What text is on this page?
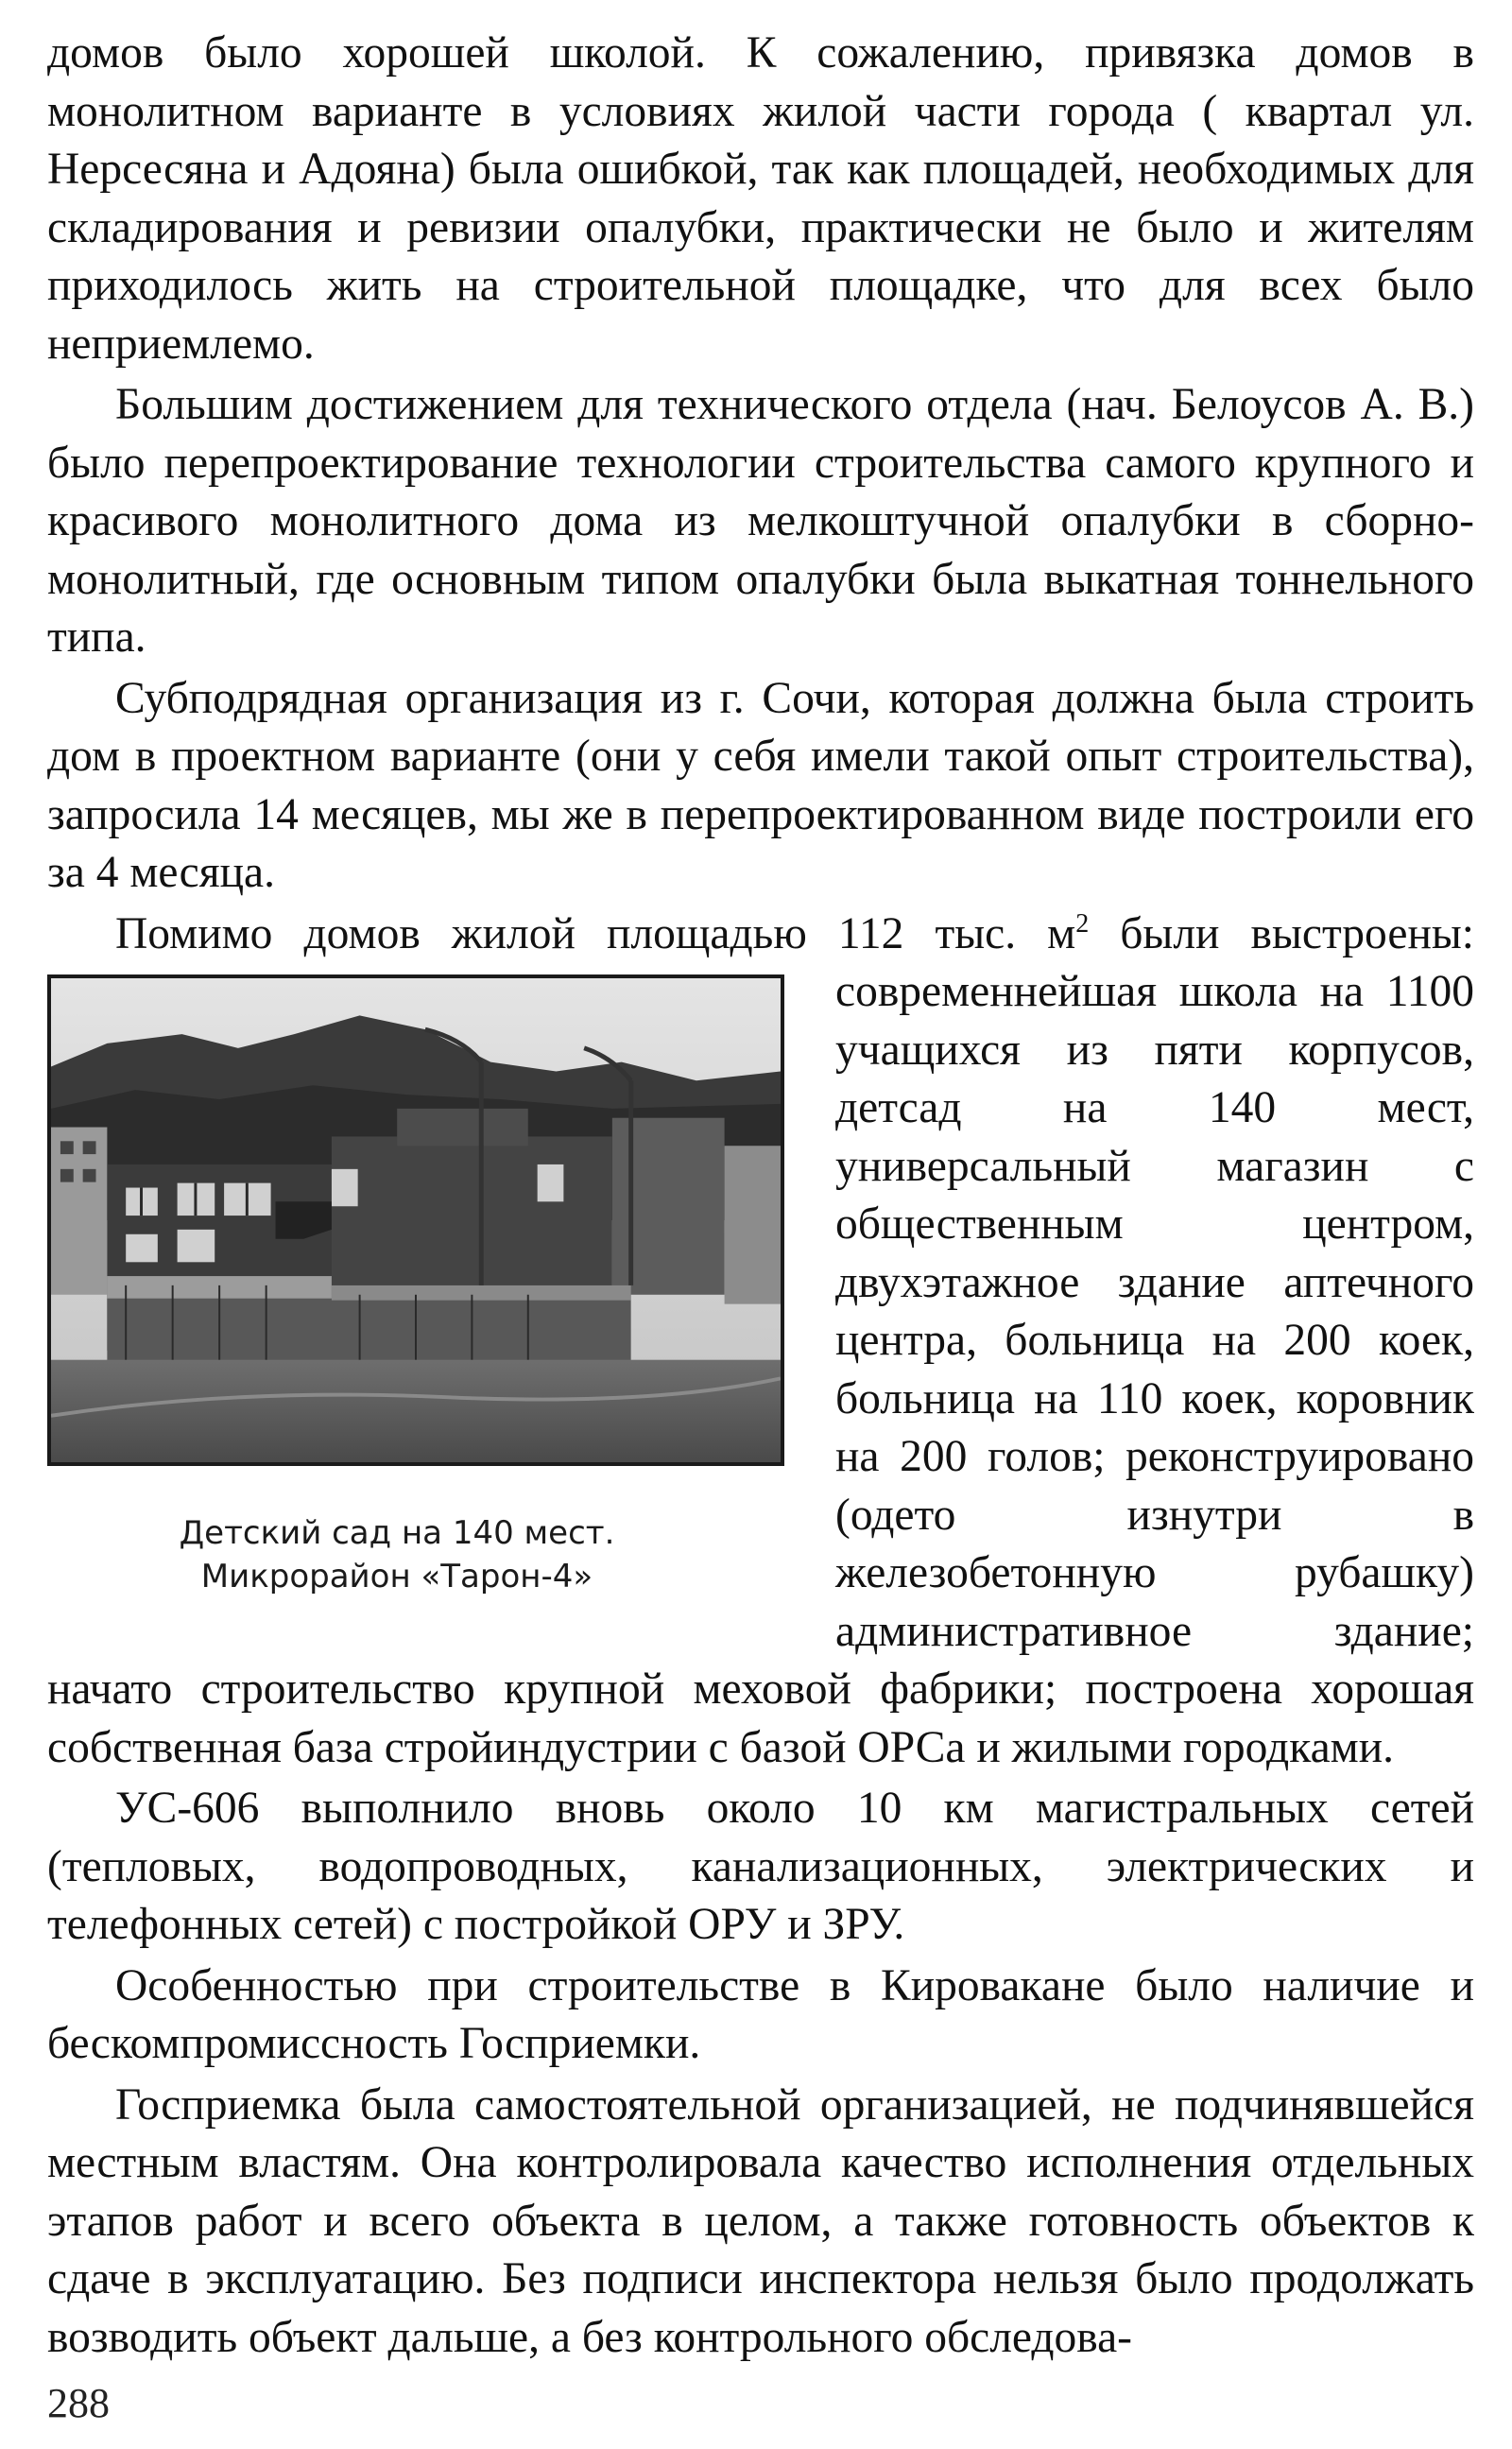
домов было хорошей школой. К сожалению, привязка домов в монолитном варианте в условиях жилой части города ( квартал ул. Нерсесяна и Адояна) была ошибкой, так как площадей, необходимых для складирования и ревизии опалубки, практически не было и жителям приходилось жить на строительной площадке, что для всех было неприемлемо.

Большим достижением для технического отдела (нач. Белоусов А. В.) было перепроектирование технологии строительства самого крупного и красивого монолитного дома из мелкоштучной опалубки в сборно-монолитный, где основным типом опалубки была выкатная тоннельного типа.

Субподрядная организация из г. Сочи, которая должна была строить дом в проектном варианте (они у себя имели такой опыт строительства), запросила 14 месяцев, мы же в перепроектированном виде построили его за 4 месяца.

Помимо домов жилой площадью 112 тыс. $м^2$
Детский сад на 140 мест.
Микрорайон «Тарон-4»
были выстроены: современнейшая школа на 1100 учащихся из пяти корпусов, детсад на 140 мест, универсальный магазин с общественным центром, двухэтажное здание аптечного центра, больница на 200 коек, больница на 110 коек, коровник на 200 голов; реконструировано (одето изнутри в железобетонную рубашку) административное здание; начато строительство крупной меховой фабрики; построена хорошая собственная база стройиндустрии с базой ОРСа и жилыми городками.

УС-606 выполнило вновь около 10 км магистральных сетей (тепловых, водопроводных, канализационных, электрических и телефонных сетей) с постройкой ОРУ и ЗРУ.

Особенностью при строительстве в Кировакане было наличие и бескомпромиссность Госприемки.

Госприемка была самостоятельной организацией, не подчинявшейся местным властям. Она контролировала качество исполнения отдельных этапов работ и всего объекта в целом, а также готовность объектов к сдаче в эксплуатацию. Без подписи инспектора нельзя было продолжать возводить объект дальше, а без контрольного обследова-

288
